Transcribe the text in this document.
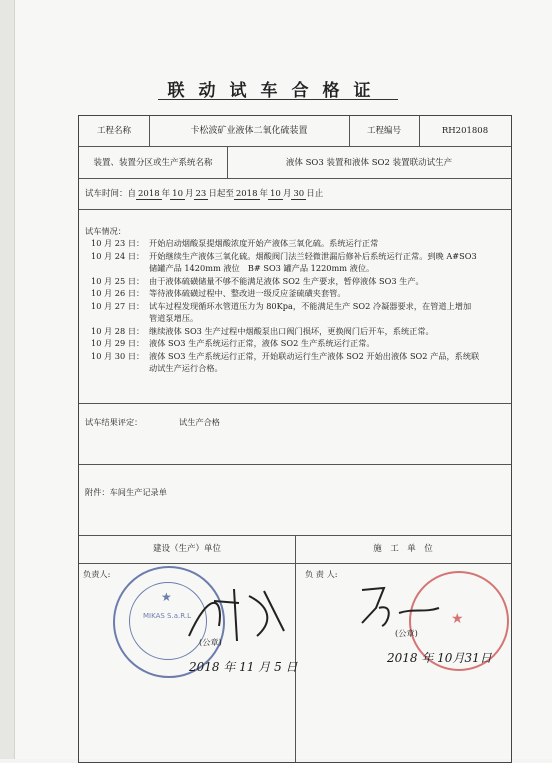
联动试车合格证
工程名称	卡松波矿业液体二氧化硫装置	工程编号	RH201808
装置、装置分区或生产系统名称	液体 SO3 装置和液体 SO2 装置联动试生产
试车时间：自 2018 年 10 月 23 日起至 2018 年 10 月 30 日止
试车情况：
10 月 23 日： 开始启动烟酸泵提烟酸浓度开始产液体三氧化硫。系统运行正常
10 月 24 日： 开始继续生产液体三氧化硫。烟酸阀门法兰轻微泄漏后修补后系统运行正常。到晚 A#SO3
储罐产品 1420mm 液位　B# SO3 罐产品 1220mm 液位。
10 月 25 日： 由于液体硫磺储量不够不能满足液体 SO2 生产要求，暂停液体 SO3 生产。
10 月 26 日： 等待液体硫磺过程中、整改进一级反应釜硫磺夹套管。
10 月 27 日： 试车过程发现循环水管道压力为 80Kpa，不能满足生产 SO2 冷凝器要求，在管道上增加
管道泵增压。
10 月 28 日： 继续液体 SO3 生产过程中烟酸泵出口阀门损坏，更换阀门后开车，系统正常。
10 月 29 日： 液体 SO3 生产系统运行正常，液体 SO2 生产系统运行正常。
10 月 30 日： 液体 SO3 生产系统运行正常，开始联动运行生产液体 SO2 开始出液体 SO2 产品，系统联
动试生产运行合格。
试车结果评定：	试生产合格
附件：车间生产记录单
建设（生产）单位	施　工　单　位
负责人:	负 责 人:
MIKAS S.a.R.L
★
(公章)
2018 年 11 月 5 日
★
(公章)
2018 年 10月31日
